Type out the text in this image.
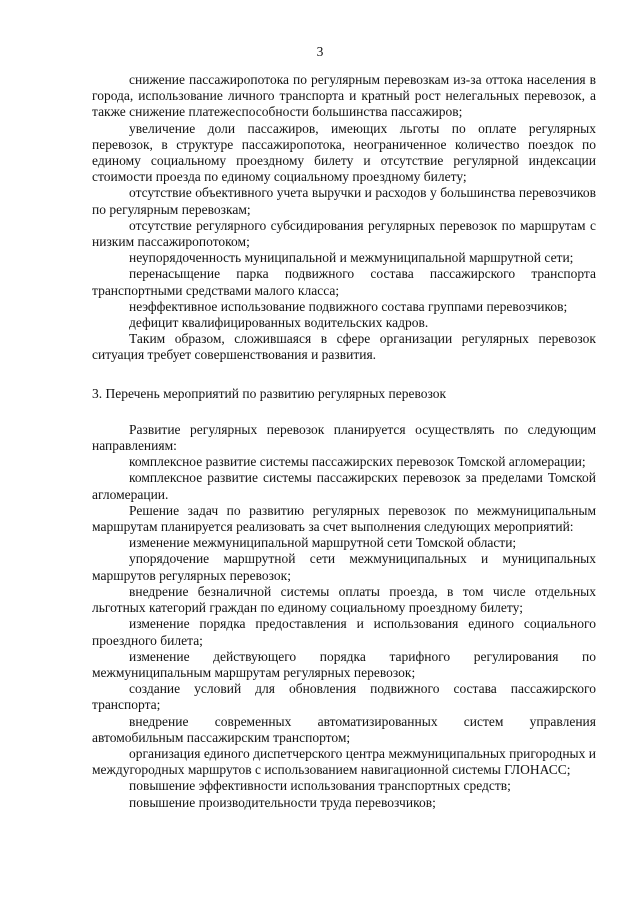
3

снижение пассажиропотока по регулярным перевозкам из-за оттока населения в города, использование личного транспорта и кратный рост нелегальных перевозок, а также снижение платежеспособности большинства пассажиров;

увеличение доли пассажиров, имеющих льготы по оплате регулярных перевозок, в структуре пассажиропотока, неограниченное количество поездок по единому социальному проездному билету и отсутствие регулярной индексации стоимости проезда по единому социальному проездному билету;

отсутствие объективного учета выручки и расходов у большинства перевозчиков по регулярным перевозкам;

отсутствие регулярного субсидирования регулярных перевозок по маршрутам с низким пассажиропотоком;

неупорядоченность муниципальной и межмуниципальной маршрутной сети;

перенасыщение парка подвижного состава пассажирского транспорта транспортными средствами малого класса;

неэффективное использование подвижного состава группами перевозчиков;

дефицит квалифицированных водительских кадров.

Таким образом, сложившаяся в сфере организации регулярных перевозок ситуация требует совершенствования и развития.

3. Перечень мероприятий по развитию регулярных перевозок

Развитие регулярных перевозок планируется осуществлять по следующим направлениям:

комплексное развитие системы пассажирских перевозок Томской агломерации;

комплексное развитие системы пассажирских перевозок за пределами Томской агломерации.

Решение задач по развитию регулярных перевозок по межмуниципальным маршрутам планируется реализовать за счет выполнения следующих мероприятий:

изменение межмуниципальной маршрутной сети Томской области;

упорядочение маршрутной сети межмуниципальных и муниципальных маршрутов регулярных перевозок;

внедрение безналичной системы оплаты проезда, в том числе отдельных льготных категорий граждан по единому социальному проездному билету;

изменение порядка предоставления и использования единого социального проездного билета;

изменение действующего порядка тарифного регулирования по межмуниципальным маршрутам регулярных перевозок;

создание условий для обновления подвижного состава пассажирского транспорта;

внедрение современных автоматизированных систем управления автомобильным пассажирским транспортом;

организация единого диспетчерского центра межмуниципальных пригородных и междугородных маршрутов с использованием навигационной системы ГЛОНАСС;

повышение эффективности использования транспортных средств;

повышение производительности труда перевозчиков;
